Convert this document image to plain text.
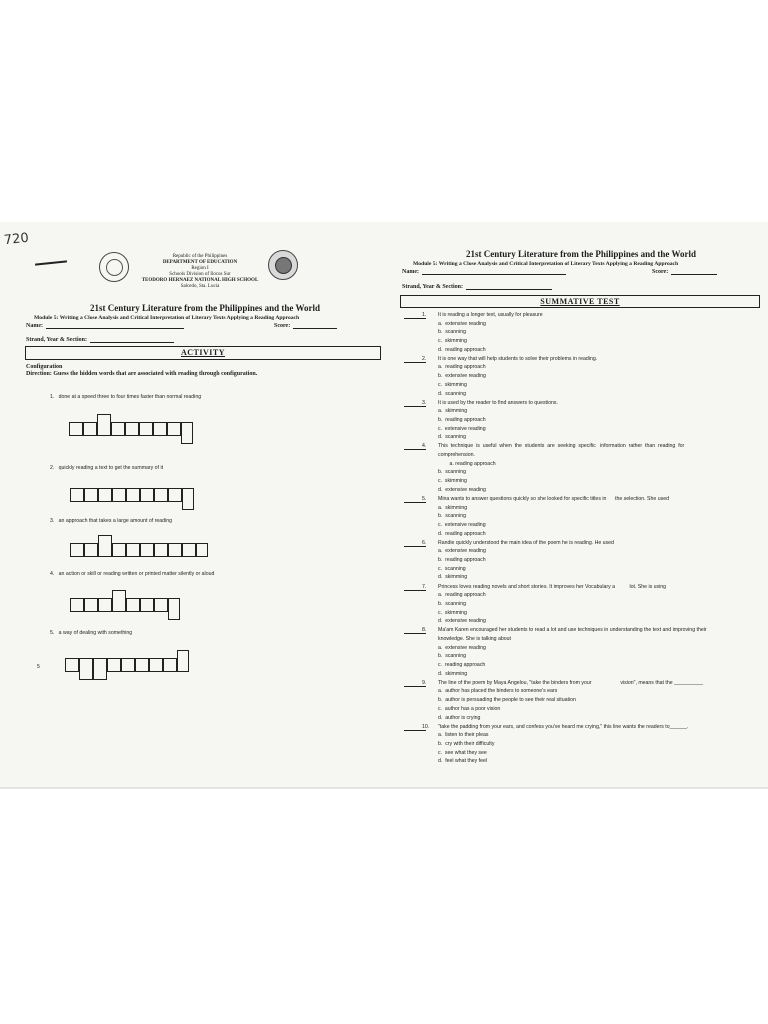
720
Republic of the Philippines
DEPARTMENT OF EDUCATION
Region I
Schools Division of Ilocos Sur
TEODORO HERNAEZ NATIONAL HIGH SCHOOL
Salcedo, Sta. Lucia
21st Century Literature from the Philippines and the World
Module 5: Writing a Close Analysis and Critical Interpretation of Literary Texts Applying a Reading Approach
Name:	Score:
Strand, Year & Section:
ACTIVITY
Configuration
Direction: Guess the hidden words that are associated with reading through configuration.
1. done at a speed three to four times faster than normal reading
2. quickly reading a text to get the summary of it
3. an approach that takes a large amount of reading
4. an action or skill or reading written or printed matter silently or aloud
5. a way of dealing with something
5
21st Century Literature from the Philippines and the World
Module 5: Writing a Close Analysis and Critical Interpretation of Literary Texts Applying a Reading Approach
Name:	Score:
Strand, Year & Section:
SUMMATIVE TEST
1. It is reading a longer text, usually for pleasure
a.  extensive reading
b.  scanning
c.  skimming
d.  reading approach
2. It is one way that will help students to solve their problems in reading.
a.  reading approach
b.  extensive reading
c.  skimming
d.  scanning
3. It is used by the reader to find answers to questions.
a.  skimming
b.  reading approach
c.  extensive reading
d.  scanning
4. This  technique  is  useful  when  the  students  are  seeking  specific   information  rather  than  reading  for
comprehension.
a. reading approach
b.  scanning
c.  skimming
d.  extensive reading
5. Mina wants to answer questions quickly so she looked for specific titles in      the selection. She used
a.  skimming
b.  scanning
c.  extensive reading
d.  reading approach
6. Randie quickly understood the main idea of the poem he is reading. He used
a.  extensive reading
b.  reading approach
c.  scanning
d.  skimming
7. Princess loves reading novels and short stories. It improves her Vocabulary a          lot. She is using
a.  reading approach
b.  scanning
c.  skimming
d.  extensive reading
8. Ma'am Karen encouraged her students to read a lot and use techniques in understanding the text and improving their
knowledge. She is talking about
a.  extensive reading
b.  scanning
c.  reading approach
d.  skimming
9. The line of the poem by Maya Angelou, "take the binders from your                    vision", means that the __________
a.  author has placed the binders to someone's ears
b.  author is persuading the people to see their real situation
c.  author has a poor vision
d.  author is crying
10. "take the padding from your ears, and confess you've heard me crying," this line wants the readers to______.
a.  listen to their pleas
b.  cry with their difficulty
c.  see what they see
d.  feel what they feel
